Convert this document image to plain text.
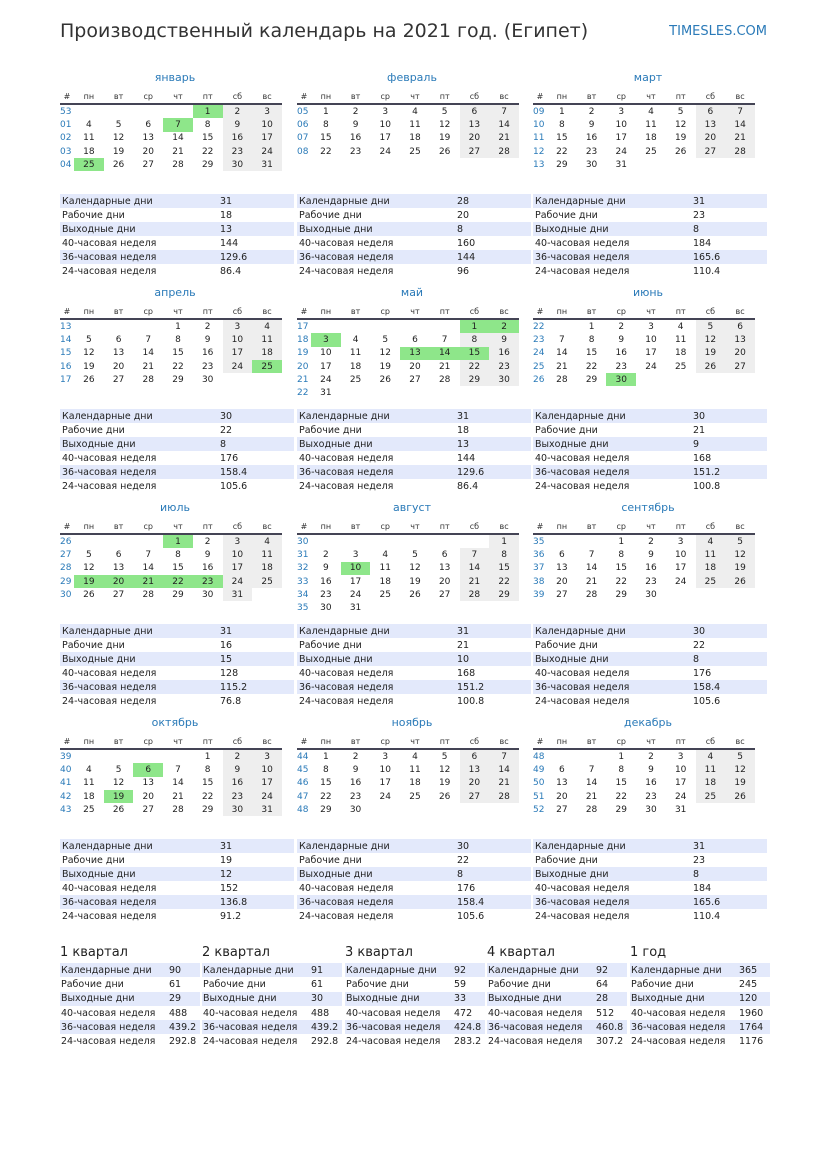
Производственный календарь на 2021 год. (Египет)	TIMESLES.COM
январь
#	пн	вт	ср	чт	пт	сб	вс
53					1	2	3
01	4	5	6	7	8	9	10
02	11	12	13	14	15	16	17
03	18	19	20	21	22	23	24
04	25	26	27	28	29	30	31
Календарные дни	31
Рабочие дни	18
Выходные дни	13
40-часовая неделя	144
36-часовая неделя	129.6
24-часовая неделя	86.4
февраль
#	пн	вт	ср	чт	пт	сб	вс
05	1	2	3	4	5	6	7
06	8	9	10	11	12	13	14
07	15	16	17	18	19	20	21
08	22	23	24	25	26	27	28
Календарные дни	28
Рабочие дни	20
Выходные дни	8
40-часовая неделя	160
36-часовая неделя	144
24-часовая неделя	96
март
#	пн	вт	ср	чт	пт	сб	вс
09	1	2	3	4	5	6	7
10	8	9	10	11	12	13	14
11	15	16	17	18	19	20	21
12	22	23	24	25	26	27	28
13	29	30	31				
Календарные дни	31
Рабочие дни	23
Выходные дни	8
40-часовая неделя	184
36-часовая неделя	165.6
24-часовая неделя	110.4
апрель
#	пн	вт	ср	чт	пт	сб	вс
13				1	2	3	4
14	5	6	7	8	9	10	11
15	12	13	14	15	16	17	18
16	19	20	21	22	23	24	25
17	26	27	28	29	30		
Календарные дни	30
Рабочие дни	22
Выходные дни	8
40-часовая неделя	176
36-часовая неделя	158.4
24-часовая неделя	105.6
май
#	пн	вт	ср	чт	пт	сб	вс
17						1	2
18	3	4	5	6	7	8	9
19	10	11	12	13	14	15	16
20	17	18	19	20	21	22	23
21	24	25	26	27	28	29	30
22	31						
Календарные дни	31
Рабочие дни	18
Выходные дни	13
40-часовая неделя	144
36-часовая неделя	129.6
24-часовая неделя	86.4
июнь
#	пн	вт	ср	чт	пт	сб	вс
22		1	2	3	4	5	6
23	7	8	9	10	11	12	13
24	14	15	16	17	18	19	20
25	21	22	23	24	25	26	27
26	28	29	30				
Календарные дни	30
Рабочие дни	21
Выходные дни	9
40-часовая неделя	168
36-часовая неделя	151.2
24-часовая неделя	100.8
июль
#	пн	вт	ср	чт	пт	сб	вс
26				1	2	3	4
27	5	6	7	8	9	10	11
28	12	13	14	15	16	17	18
29	19	20	21	22	23	24	25
30	26	27	28	29	30	31	
Календарные дни	31
Рабочие дни	16
Выходные дни	15
40-часовая неделя	128
36-часовая неделя	115.2
24-часовая неделя	76.8
август
#	пн	вт	ср	чт	пт	сб	вс
30							1
31	2	3	4	5	6	7	8
32	9	10	11	12	13	14	15
33	16	17	18	19	20	21	22
34	23	24	25	26	27	28	29
35	30	31					
Календарные дни	31
Рабочие дни	21
Выходные дни	10
40-часовая неделя	168
36-часовая неделя	151.2
24-часовая неделя	100.8
сентябрь
#	пн	вт	ср	чт	пт	сб	вс
35			1	2	3	4	5
36	6	7	8	9	10	11	12
37	13	14	15	16	17	18	19
38	20	21	22	23	24	25	26
39	27	28	29	30			
Календарные дни	30
Рабочие дни	22
Выходные дни	8
40-часовая неделя	176
36-часовая неделя	158.4
24-часовая неделя	105.6
октябрь
#	пн	вт	ср	чт	пт	сб	вс
39					1	2	3
40	4	5	6	7	8	9	10
41	11	12	13	14	15	16	17
42	18	19	20	21	22	23	24
43	25	26	27	28	29	30	31
Календарные дни	31
Рабочие дни	19
Выходные дни	12
40-часовая неделя	152
36-часовая неделя	136.8
24-часовая неделя	91.2
ноябрь
#	пн	вт	ср	чт	пт	сб	вс
44	1	2	3	4	5	6	7
45	8	9	10	11	12	13	14
46	15	16	17	18	19	20	21
47	22	23	24	25	26	27	28
48	29	30					
Календарные дни	30
Рабочие дни	22
Выходные дни	8
40-часовая неделя	176
36-часовая неделя	158.4
24-часовая неделя	105.6
декабрь
#	пн	вт	ср	чт	пт	сб	вс
48			1	2	3	4	5
49	6	7	8	9	10	11	12
50	13	14	15	16	17	18	19
51	20	21	22	23	24	25	26
52	27	28	29	30	31		
Календарные дни	31
Рабочие дни	23
Выходные дни	8
40-часовая неделя	184
36-часовая неделя	165.6
24-часовая неделя	110.4
1 квартал
Календарные дни	90
Рабочие дни	61
Выходные дни	29
40-часовая неделя	488
36-часовая неделя	439.2
24-часовая неделя	292.8
2 квартал
Календарные дни	91
Рабочие дни	61
Выходные дни	30
40-часовая неделя	488
36-часовая неделя	439.2
24-часовая неделя	292.8
3 квартал
Календарные дни	92
Рабочие дни	59
Выходные дни	33
40-часовая неделя	472
36-часовая неделя	424.8
24-часовая неделя	283.2
4 квартал
Календарные дни	92
Рабочие дни	64
Выходные дни	28
40-часовая неделя	512
36-часовая неделя	460.8
24-часовая неделя	307.2
1 год
Календарные дни	365
Рабочие дни	245
Выходные дни	120
40-часовая неделя	1960
36-часовая неделя	1764
24-часовая неделя	1176
